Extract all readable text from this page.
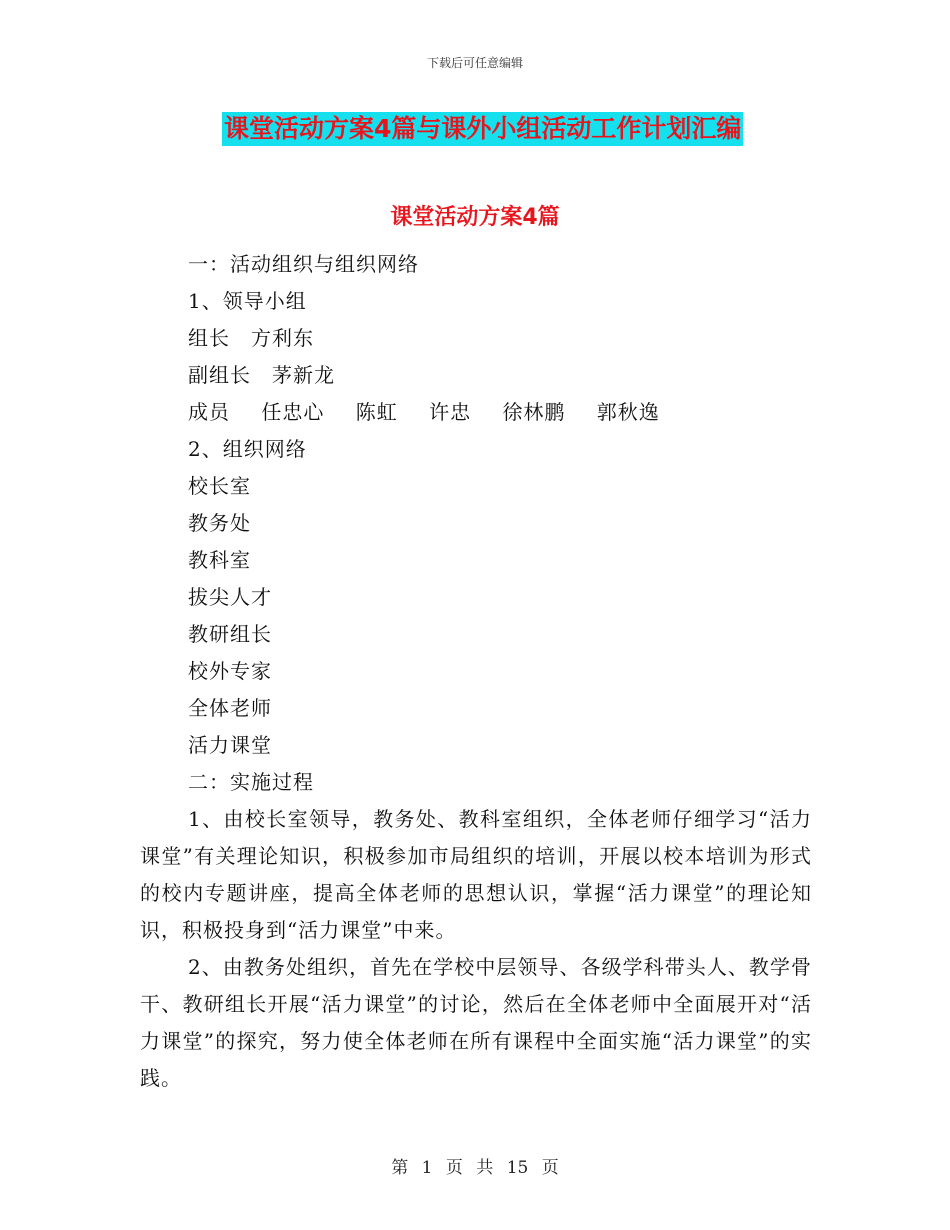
下载后可任意编辑
课堂活动方案4篇与课外小组活动工作计划汇编
课堂活动方案4篇
一：活动组织与组织网络
1、领导小组
组长　方利东
副组长　茅新龙
成员 任忠心 陈虹 许忠 徐林鹏 郭秋逸
2、组织网络
校长室
教务处
教科室
拔尖人才
教研组长
校外专家
全体老师
活力课堂
二：实施过程
1、由校长室领导，教务处、教科室组织，全体老师仔细学习“活力课堂”有关理论知识，积极参加市局组织的培训，开展以校本培训为形式的校内专题讲座，提高全体老师的思想认识，掌握“活力课堂”的理论知识，积极投身到“活力课堂”中来。
2、由教务处组织，首先在学校中层领导、各级学科带头人、教学骨干、教研组长开展“活力课堂”的讨论，然后在全体老师中全面展开对“活力课堂”的探究，努力使全体老师在所有课程中全面实施“活力课堂”的实践。
第 1 页 共 15 页
